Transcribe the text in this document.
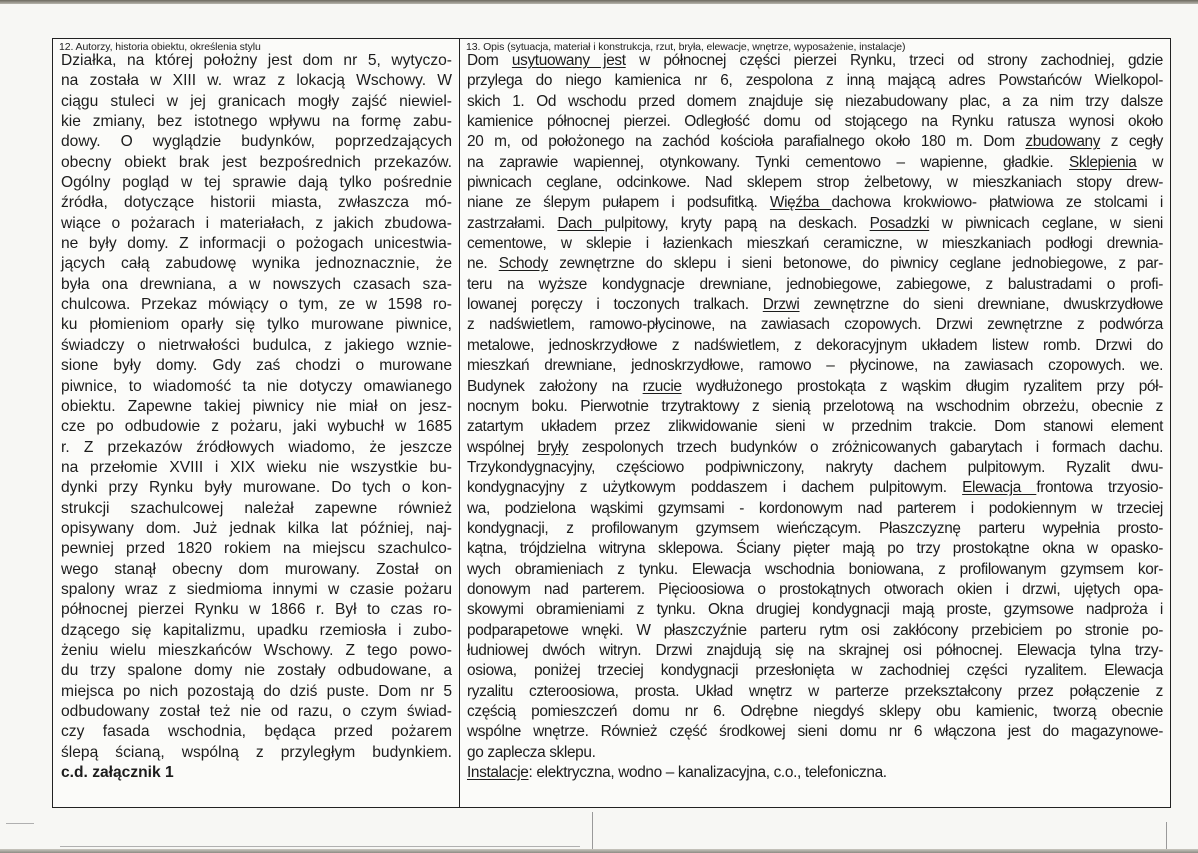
12. Autorzy, historia obiektu, określenia stylu
Działka, na której położny jest dom nr 5, wytyczo-
na została w XIII w. wraz z lokacją Wschowy. W
ciągu stuleci w jej granicach mogły zajść niewiel-
kie zmiany, bez istotnego wpływu na formę zabu-
dowy. O wyglądzie budynków, poprzedzających
obecny obiekt brak jest bezpośrednich przekazów.
Ogólny pogląd w tej sprawie dają tylko pośrednie
źródła, dotyczące historii miasta, zwłaszcza mó-
wiące o pożarach i materiałach, z jakich zbudowa-
ne były domy. Z informacji o pożogach unicestwia-
jących całą zabudowę wynika jednoznacznie, że
była ona drewniana, a w nowszych czasach sza-
chulcowa. Przekaz mówiący o tym, ze w 1598 ro-
ku płomieniom oparły się tylko murowane piwnice,
świadczy o nietrwałości budulca, z jakiego wznie-
sione były domy. Gdy zaś chodzi o murowane
piwnice, to wiadomość ta nie dotyczy omawianego
obiektu. Zapewne takiej piwnicy nie miał on jesz-
cze po odbudowie z pożaru, jaki wybuchł w 1685
r. Z przekazów źródłowych wiadomo, że jeszcze
na przełomie XVIII i XIX wieku nie wszystkie bu-
dynki przy Rynku były murowane. Do tych o kon-
strukcji szachulcowej należał zapewne również
opisywany dom. Już jednak kilka lat później, naj-
pewniej przed 1820 rokiem na miejscu szachulco-
wego stanął obecny dom murowany. Został on
spalony wraz z siedmioma innymi w czasie pożaru
północnej pierzei Rynku w 1866 r. Był to czas ro-
dzącego się kapitalizmu, upadku rzemiosła i zubo-
żeniu wielu mieszkańców Wschowy. Z tego powo-
du trzy spalone domy nie zostały odbudowane, a
miejsca po nich pozostają do dziś puste. Dom nr 5
odbudowany został też nie od razu, o czym świad-
czy fasada wschodnia, będąca przed pożarem
ślepą ścianą, wspólną z przyległym budynkiem.
c.d. załącznik 1
13. Opis (sytuacja, materiał i konstrukcja, rzut, bryła, elewacje, wnętrze, wyposażenie, instalacje)
Dom usytuowany jest w północnej części pierzei Rynku, trzeci od strony zachodniej, gdzie
przylega do niego kamienica nr 6, zespolona z inną mającą adres Powstańców Wielkopol-
skich 1. Od wschodu przed domem znajduje się niezabudowany plac, a za nim trzy dalsze
kamienice północnej pierzei. Odległość domu od stojącego na Rynku ratusza wynosi około
20 m, od położonego na zachód kościoła parafialnego około 180 m. Dom zbudowany z cegły
na zaprawie wapiennej, otynkowany. Tynki cementowo – wapienne, gładkie. Sklepienia w
piwnicach ceglane, odcinkowe. Nad sklepem strop żelbetowy, w mieszkaniach stopy drew-
niane ze ślepym pułapem i podsufitką. Więźba dachowa krokwiowo- płatwiowa ze stolcami i
zastrzałami. Dach pulpitowy, kryty papą na deskach. Posadzki w piwnicach ceglane, w sieni
cementowe, w sklepie i łazienkach mieszkań ceramiczne, w mieszkaniach podłogi drewnia-
ne. Schody zewnętrzne do sklepu i sieni betonowe, do piwnicy ceglane jednobiegowe, z par-
teru na wyższe kondygnacje drewniane, jednobiegowe, zabiegowe, z balustradami o profi-
lowanej poręczy i toczonych tralkach. Drzwi zewnętrzne do sieni drewniane, dwuskrzydłowe
z nadświetlem, ramowo-płycinowe, na zawiasach czopowych. Drzwi zewnętrzne z podwórza
metalowe, jednoskrzydłowe z nadświetlem, z dekoracyjnym układem listew romb. Drzwi do
mieszkań drewniane, jednoskrzydłowe, ramowo – płycinowe, na zawiasach czopowych. we.
Budynek założony na rzucie wydłużonego prostokąta z wąskim długim ryzalitem przy pół-
nocnym boku. Pierwotnie trzytraktowy z sienią przelotową na wschodnim obrzeżu, obecnie z
zatartym układem przez zlikwidowanie sieni w przednim trakcie. Dom stanowi element
wspólnej bryły zespolonych trzech budynków o zróżnicowanych gabarytach i formach dachu.
Trzykondygnacyjny, częściowo podpiwniczony, nakryty dachem pulpitowym. Ryzalit dwu-
kondygnacyjny z użytkowym poddaszem i dachem pulpitowym. Elewacja frontowa trzyosio-
wa, podzielona wąskimi gzymsami - kordonowym nad parterem i podokiennym w trzeciej
kondygnacji, z profilowanym gzymsem wieńczącym. Płaszczyznę parteru wypełnia prosto-
kątna, trójdzielna witryna sklepowa. Ściany pięter mają po trzy prostokątne okna w opasko-
wych obramieniach z tynku. Elewacja wschodnia boniowana, z profilowanym gzymsem kor-
donowym nad parterem. Pięcioosiowa o prostokątnych otworach okien i drzwi, ujętych opa-
skowymi obramieniami z tynku. Okna drugiej kondygnacji mają proste, gzymsowe nadproża i
podparapetowe wnęki. W płaszczyźnie parteru rytm osi zakłócony przebiciem po stronie po-
łudniowej dwóch witryn. Drzwi znajdują się na skrajnej osi północnej. Elewacja tylna trzy-
osiowa, poniżej trzeciej kondygnacji przesłonięta w zachodniej części ryzalitem. Elewacja
ryzalitu czteroosiowa, prosta. Układ wnętrz w parterze przekształcony przez połączenie z
częścią pomieszczeń domu nr 6. Odrębne niegdyś sklepy obu kamienic, tworzą obecnie
wspólne wnętrze. Również część środkowej sieni domu nr 6 włączona jest do magazynowe-
go zaplecza sklepu.
Instalacje: elektryczna, wodno – kanalizacyjna, c.o., telefoniczna.
